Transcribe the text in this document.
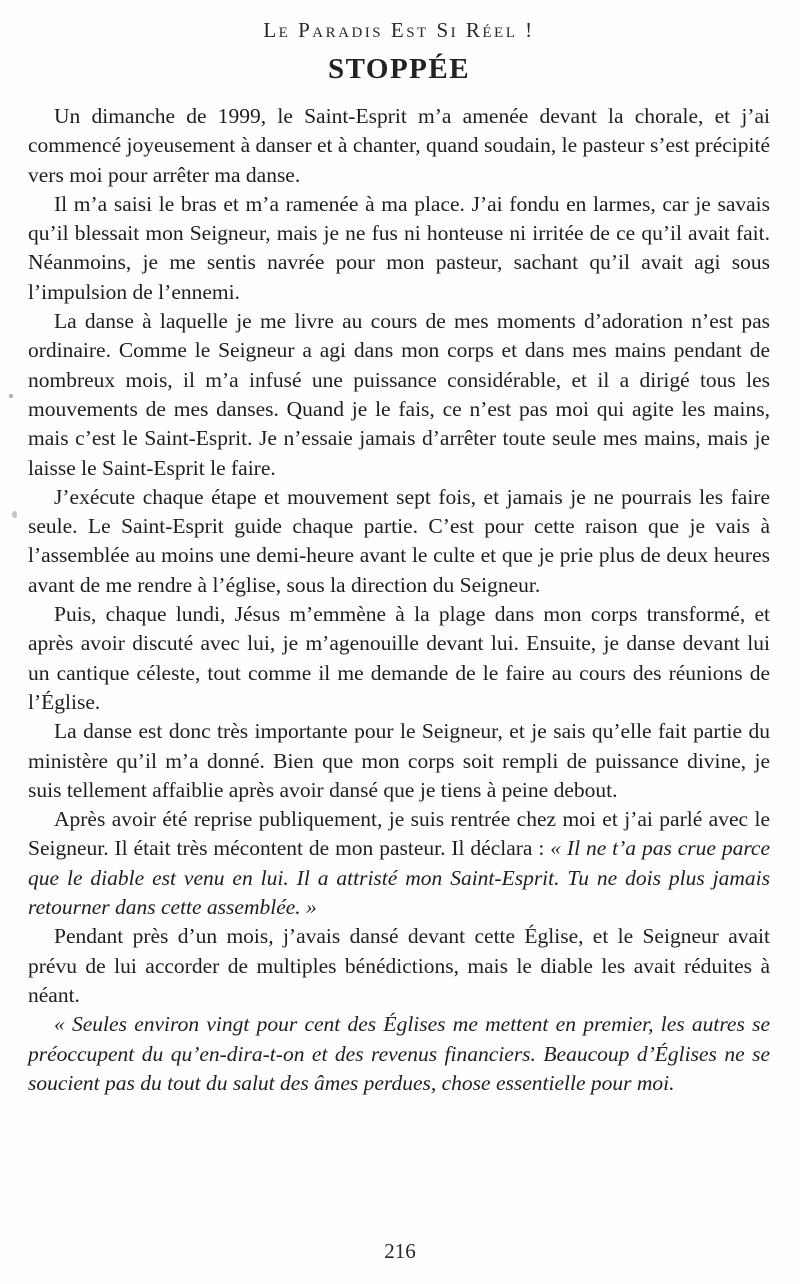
Le Paradis Est Si Réel !
STOPPÉE

Un dimanche de 1999, le Saint-Esprit m’a amenée devant la chorale, et j’ai commencé joyeusement à danser et à chanter, quand soudain, le pasteur s’est précipité vers moi pour arrêter ma danse.

Il m’a saisi le bras et m’a ramenée à ma place. J’ai fondu en larmes, car je savais qu’il blessait mon Seigneur, mais je ne fus ni honteuse ni irritée de ce qu’il avait fait. Néanmoins, je me sentis navrée pour mon pasteur, sachant qu’il avait agi sous l’impulsion de l’ennemi.

La danse à laquelle je me livre au cours de mes moments d’adoration n’est pas ordinaire. Comme le Seigneur a agi dans mon corps et dans mes mains pendant de nombreux mois, il m’a infusé une puissance considérable, et il a dirigé tous les mouvements de mes danses. Quand je le fais, ce n’est pas moi qui agite les mains, mais c’est le Saint-Esprit. Je n’essaie jamais d’arrêter toute seule mes mains, mais je laisse le Saint-Esprit le faire.

J’exécute chaque étape et mouvement sept fois, et jamais je ne pourrais les faire seule. Le Saint-Esprit guide chaque partie. C’est pour cette raison que je vais à l’assemblée au moins une demi-heure avant le culte et que je prie plus de deux heures avant de me rendre à l’église, sous la direction du Seigneur.

Puis, chaque lundi, Jésus m’emmène à la plage dans mon corps transformé, et après avoir discuté avec lui, je m’agenouille devant lui. Ensuite, je danse devant lui un cantique céleste, tout comme il me demande de le faire au cours des réunions de l’Église.

La danse est donc très importante pour le Seigneur, et je sais qu’elle fait partie du ministère qu’il m’a donné. Bien que mon corps soit rempli de puissance divine, je suis tellement affaiblie après avoir dansé que je tiens à peine debout.

Après avoir été reprise publiquement, je suis rentrée chez moi et j’ai parlé avec le Seigneur. Il était très mécontent de mon pasteur. Il déclara : « Il ne t’a pas crue parce que le diable est venu en lui. Il a attristé mon Saint-Esprit. Tu ne dois plus jamais retourner dans cette assemblée. »

Pendant près d’un mois, j’avais dansé devant cette Église, et le Seigneur avait prévu de lui accorder de multiples bénédictions, mais le diable les avait réduites à néant.

« Seules environ vingt pour cent des Églises me mettent en premier, les autres se préoccupent du qu’en-dira-t-on et des revenus financiers. Beaucoup d’Églises ne se soucient pas du tout du salut des âmes perdues, chose essentielle pour moi.

216
